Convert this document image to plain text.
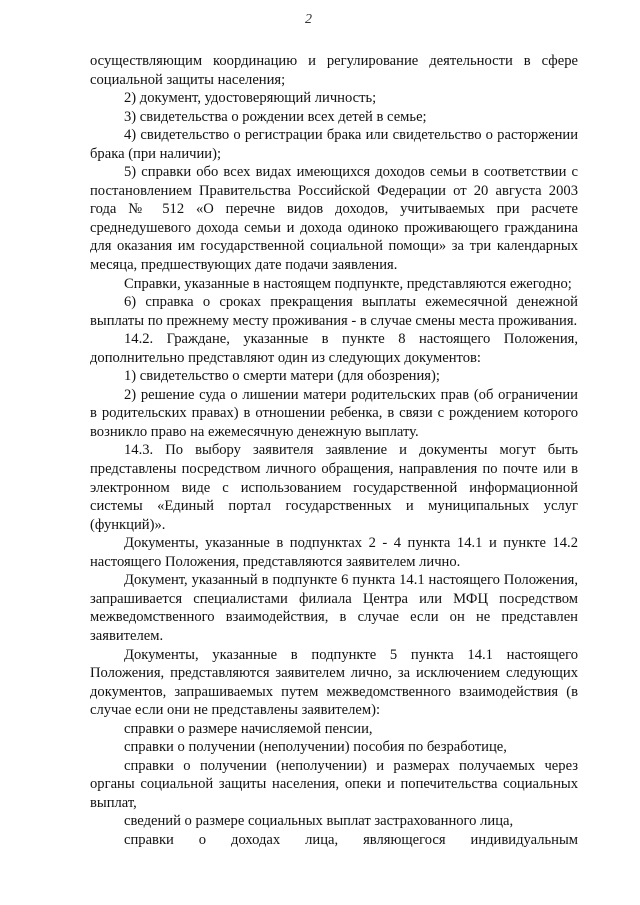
2

осуществляющим координацию и регулирование деятельности в сфере социальной защиты населения;

2) документ, удостоверяющий личность;

3) свидетельства о рождении всех детей в семье;

4) свидетельство о регистрации брака или свидетельство о расторжении брака (при наличии);

5) справки обо всех видах имеющихся доходов семьи в соответствии с постановлением Правительства Российской Федерации от 20 августа 2003 года № 512 «О перечне видов доходов, учитываемых при расчете среднедушевого дохода семьи и дохода одиноко проживающего гражданина для оказания им государственной социальной помощи» за три календарных месяца, предшествующих дате подачи заявления.

Справки, указанные в настоящем подпункте, представляются ежегодно;

6) справка о сроках прекращения выплаты ежемесячной денежной выплаты по прежнему месту проживания - в случае смены места проживания.

14.2. Граждане, указанные в пункте 8 настоящего Положения, дополнительно представляют один из следующих документов:

1) свидетельство о смерти матери (для обозрения);

2) решение суда о лишении матери родительских прав (об ограничении в родительских правах) в отношении ребенка, в связи с рождением которого возникло право на ежемесячную денежную выплату.

14.3. По выбору заявителя заявление и документы могут быть представлены посредством личного обращения, направления по почте или в электронном виде с использованием государственной информационной системы «Единый портал государственных и муниципальных услуг (функций)».

Документы, указанные в подпунктах 2 - 4 пункта 14.1 и пункте 14.2 настоящего Положения, представляются заявителем лично.

Документ, указанный в подпункте 6 пункта 14.1 настоящего Положения, запрашивается специалистами филиала Центра или МФЦ посредством межведомственного взаимодействия, в случае если он не представлен заявителем.

Документы, указанные в подпункте 5 пункта 14.1 настоящего Положения, представляются заявителем лично, за исключением следующих документов, запрашиваемых путем межведомственного взаимодействия (в случае если они не представлены заявителем):

справки о размере начисляемой пенсии,

справки о получении (неполучении) пособия по безработице,

справки о получении (неполучении) и размерах получаемых через органы социальной защиты населения, опеки и попечительства социальных выплат,

сведений о размере социальных выплат застрахованного лица,

справки о доходах лица, являющегося индивидуальным
